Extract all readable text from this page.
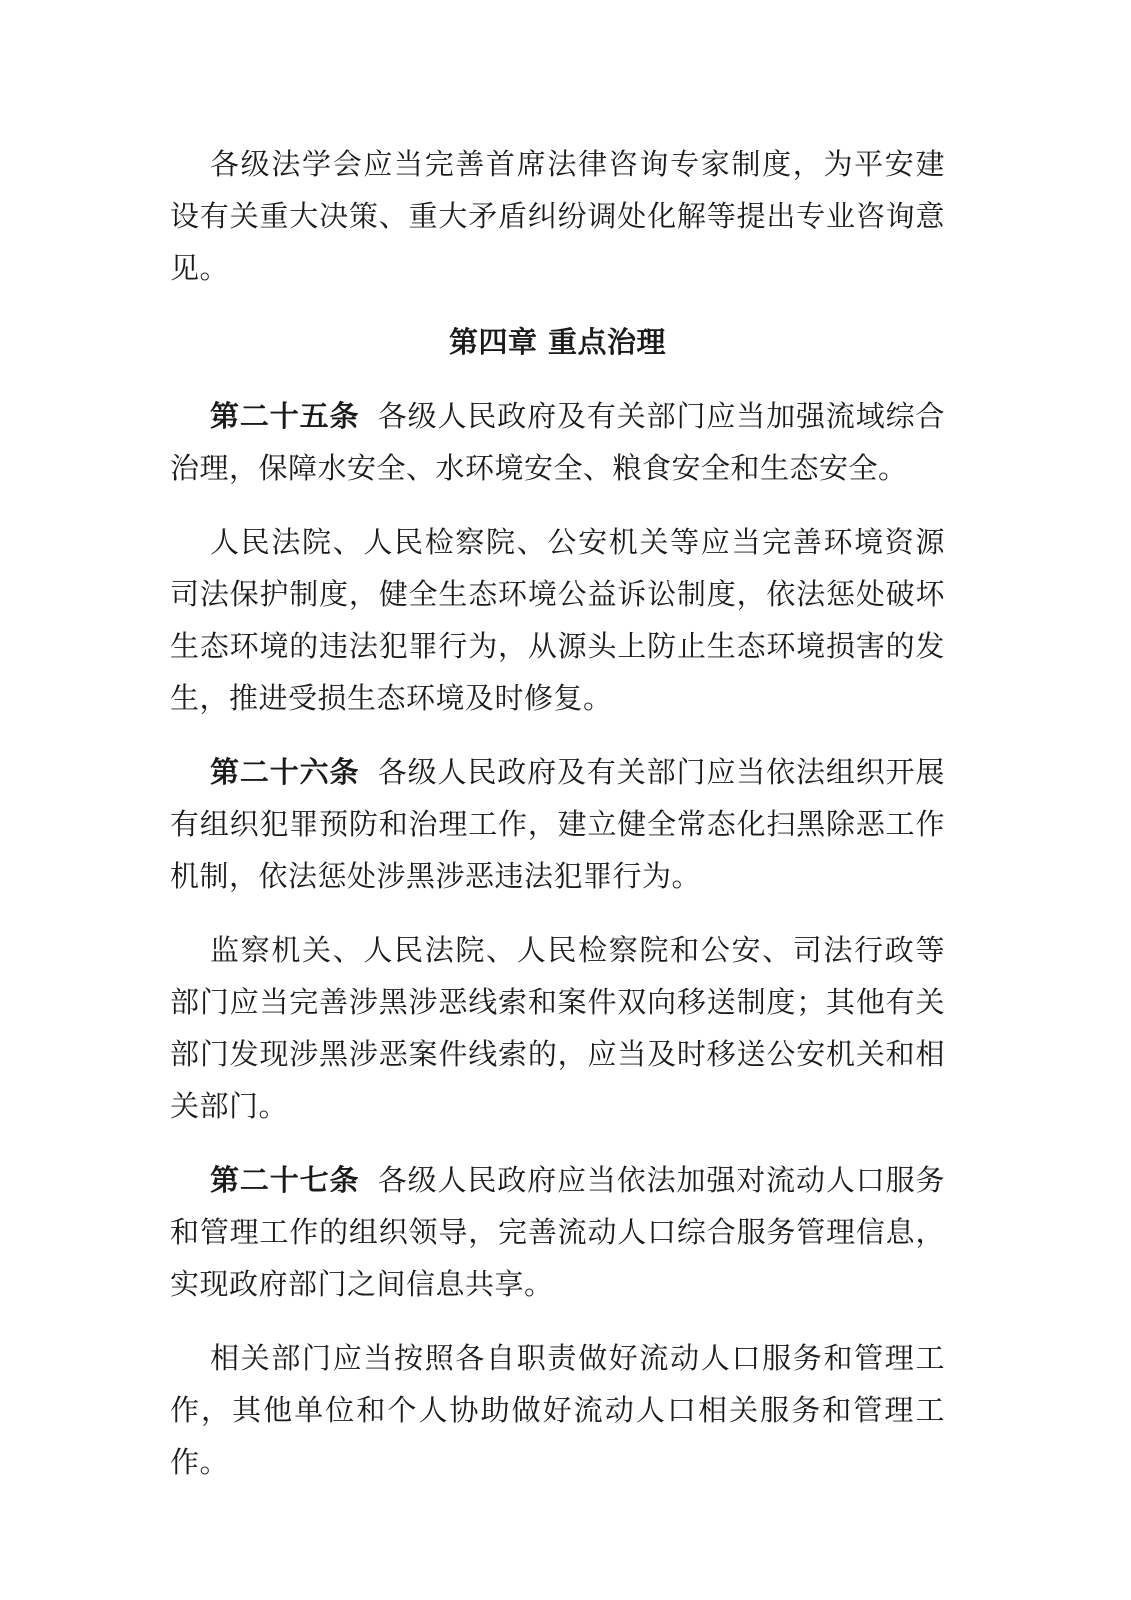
各级法学会应当完善首席法律咨询专家制度，为平安建设有关重大决策、重大矛盾纠纷调处化解等提出专业咨询意见。

第四章 重点治理

第二十五条 各级人民政府及有关部门应当加强流域综合治理，保障水安全、水环境安全、粮食安全和生态安全。

人民法院、人民检察院、公安机关等应当完善环境资源司法保护制度，健全生态环境公益诉讼制度，依法惩处破坏生态环境的违法犯罪行为，从源头上防止生态环境损害的发生，推进受损生态环境及时修复。

第二十六条 各级人民政府及有关部门应当依法组织开展有组织犯罪预防和治理工作，建立健全常态化扫黑除恶工作机制，依法惩处涉黑涉恶违法犯罪行为。

监察机关、人民法院、人民检察院和公安、司法行政等部门应当完善涉黑涉恶线索和案件双向移送制度；其他有关部门发现涉黑涉恶案件线索的，应当及时移送公安机关和相关部门。

第二十七条 各级人民政府应当依法加强对流动人口服务和管理工作的组织领导，完善流动人口综合服务管理信息，实现政府部门之间信息共享。

相关部门应当按照各自职责做好流动人口服务和管理工作，其他单位和个人协助做好流动人口相关服务和管理工作。
